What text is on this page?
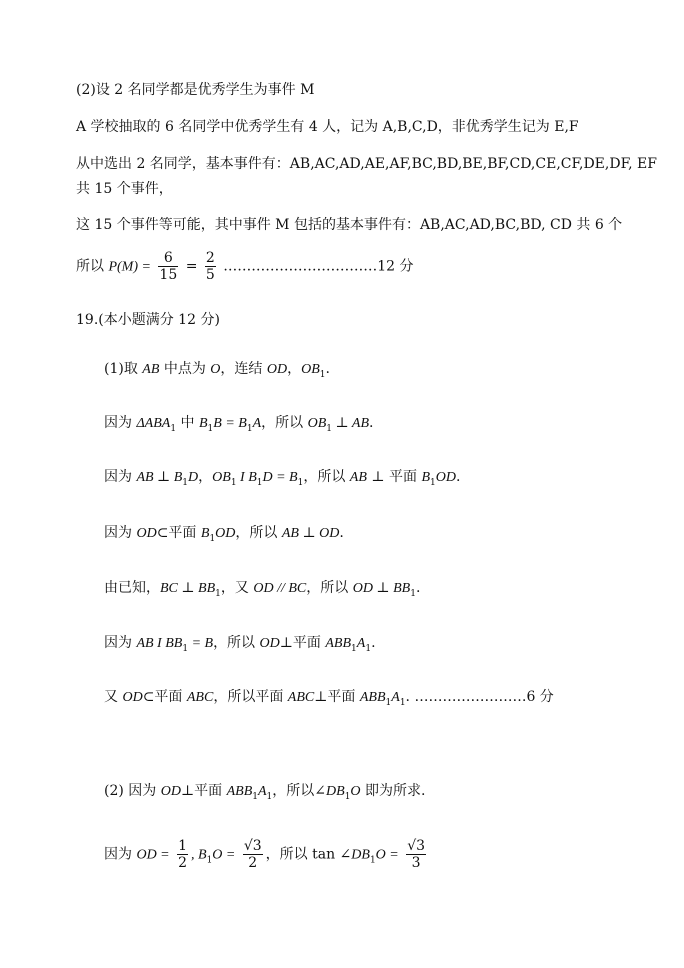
(2)设 2 名同学都是优秀学生为事件 M
A 学校抽取的 6 名同学中优秀学生有 4 人，记为 A,B,C,D，非优秀学生记为 E,F
从中选出 2 名同学，基本事件有：AB,AC,AD,AE,AF,BC,BD,BE,BF,CD,CE,CF,DE,DF, EF
共 15 个事件，
这 15 个事件等可能，其中事件 M 包括的基本事件有：AB,AC,AD,BC,BD, CD 共 6 个
所以 $P(M) = \frac{6}{15} = \frac{2}{5}$ ……………………………12 分
19.(本小题满分 12 分)
(1)取 AB 中点为 O，连结 OD，$OB_1$.
因为 $\Delta ABA_1$ 中 $B_1B = B_1A$，所以 $OB_1$ ⊥ AB.
因为 AB ⊥ $B_1D$，$OB_1$ I $B_1D = B_1$，所以 AB ⊥ 平面 $B_1OD$.
因为 OD⊂平面 $B_1OD$，所以 AB ⊥ OD.
由已知，BC ⊥ $BB_1$，又 OD // BC，所以 OD ⊥ $BB_1$.
因为 AB I $BB_1 = B$，所以 OD⊥平面 $ABB_1A_1$.
又 OD⊂平面 ABC，所以平面 ABC⊥平面 $ABB_1A_1$. ……………………6 分
(2) 因为 OD⊥平面 $ABB_1A_1$，所以$\angle DB_1O$ 即为所求.
因为 OD = $\frac{1}{2}$ , $B_1O = \frac{√3}{2}$ ，所以 $\tan \angle DB_1O = \frac{√3}{3}$
